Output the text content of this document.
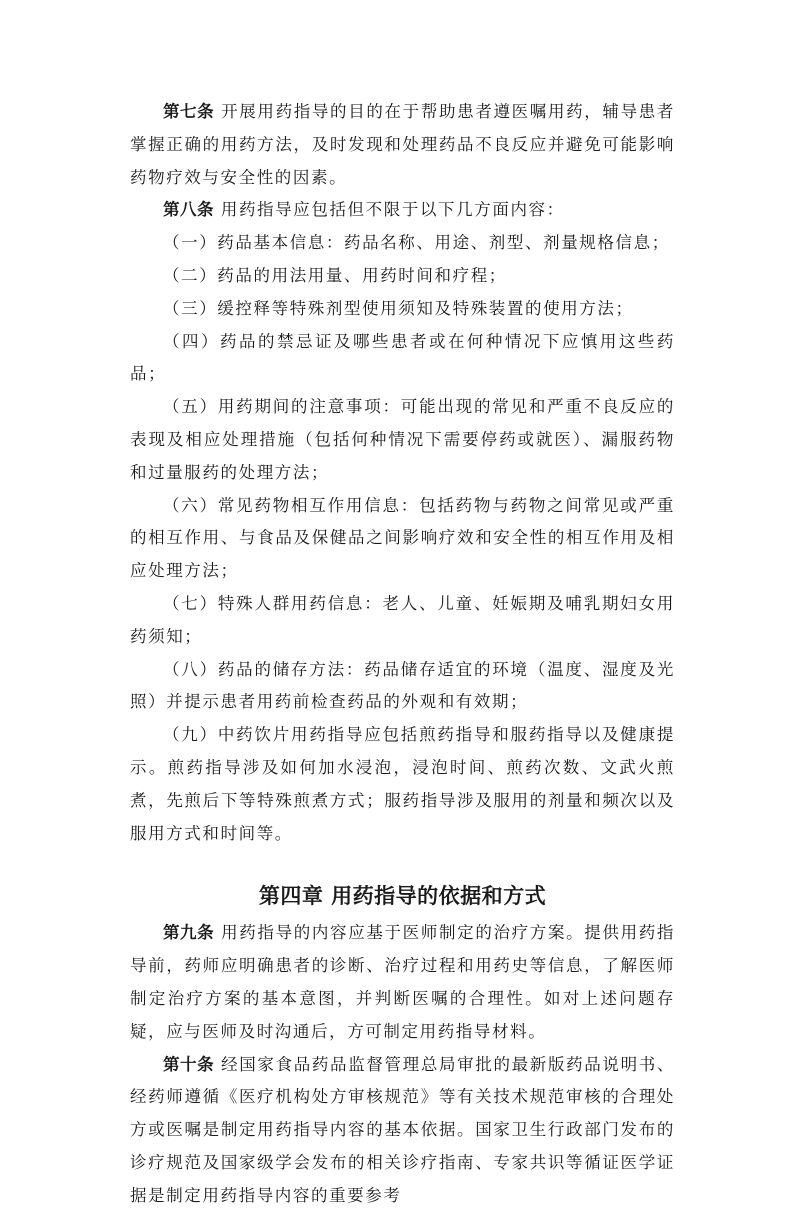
第七条 开展用药指导的目的在于帮助患者遵医嘱用药，辅导患者掌握正确的用药方法，及时发现和处理药品不良反应并避免可能影响药物疗效与安全性的因素。

第八条 用药指导应包括但不限于以下几方面内容：

（一）药品基本信息：药品名称、用途、剂型、剂量规格信息；

（二）药品的用法用量、用药时间和疗程；

（三）缓控释等特殊剂型使用须知及特殊装置的使用方法；

（四）药品的禁忌证及哪些患者或在何种情况下应慎用这些药品；

（五）用药期间的注意事项：可能出现的常见和严重不良反应的表现及相应处理措施（包括何种情况下需要停药或就医）、漏服药物和过量服药的处理方法；

（六）常见药物相互作用信息：包括药物与药物之间常见或严重的相互作用、与食品及保健品之间影响疗效和安全性的相互作用及相应处理方法；

（七）特殊人群用药信息：老人、儿童、妊娠期及哺乳期妇女用药须知；

（八）药品的储存方法：药品储存适宜的环境（温度、湿度及光照）并提示患者用药前检查药品的外观和有效期；

（九）中药饮片用药指导应包括煎药指导和服药指导以及健康提示。煎药指导涉及如何加水浸泡，浸泡时间、煎药次数、文武火煎煮，先煎后下等特殊煎煮方式；服药指导涉及服用的剂量和频次以及服用方式和时间等。

第四章 用药指导的依据和方式

第九条 用药指导的内容应基于医师制定的治疗方案。提供用药指导前，药师应明确患者的诊断、治疗过程和用药史等信息，了解医师制定治疗方案的基本意图，并判断医嘱的合理性。如对上述问题存疑，应与医师及时沟通后，方可制定用药指导材料。

第十条 经国家食品药品监督管理总局审批的最新版药品说明书、经药师遵循《医疗机构处方审核规范》等有关技术规范审核的合理处方或医嘱是制定用药指导内容的基本依据。国家卫生行政部门发布的诊疗规范及国家级学会发布的相关诊疗指南、专家共识等循证医学证据是制定用药指导内容的重要参考
